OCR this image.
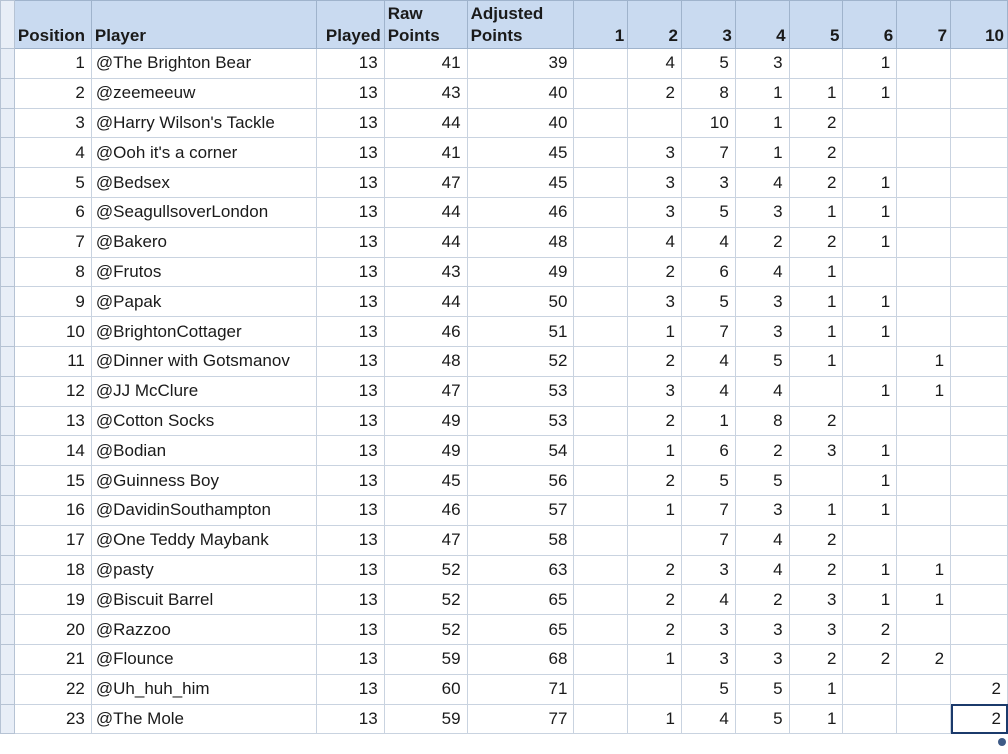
	Position	Player	Played	Raw
Points	Adjusted
Points	1	2	3	4	5	6	7	10
	1	@The Brighton Bear	13	41	39		4	5	3		1		
	2	@zeemeeuw	13	43	40		2	8	1	1	1		
	3	@Harry Wilson's Tackle	13	44	40			10	1	2			
	4	@Ooh it's a corner	13	41	45		3	7	1	2			
	5	@Bedsex	13	47	45		3	3	4	2	1		
	6	@SeagullsoverLondon	13	44	46		3	5	3	1	1		
	7	@Bakero	13	44	48		4	4	2	2	1		
	8	@Frutos	13	43	49		2	6	4	1			
	9	@Papak	13	44	50		3	5	3	1	1		
	10	@BrightonCottager	13	46	51		1	7	3	1	1		
	11	@Dinner with Gotsmanov	13	48	52		2	4	5	1		1	
	12	@JJ McClure	13	47	53		3	4	4		1	1	
	13	@Cotton Socks	13	49	53		2	1	8	2			
	14	@Bodian	13	49	54		1	6	2	3	1		
	15	@Guinness Boy	13	45	56		2	5	5		1		
	16	@DavidinSouthampton	13	46	57		1	7	3	1	1		
	17	@One Teddy Maybank	13	47	58			7	4	2			
	18	@pasty	13	52	63		2	3	4	2	1	1	
	19	@Biscuit Barrel	13	52	65		2	4	2	3	1	1	
	20	@Razzoo	13	52	65		2	3	3	3	2		
	21	@Flounce	13	59	68		1	3	3	2	2	2	
	22	@Uh_huh_him	13	60	71			5	5	1			2
	23	@The Mole	13	59	77		1	4	5	1			2
